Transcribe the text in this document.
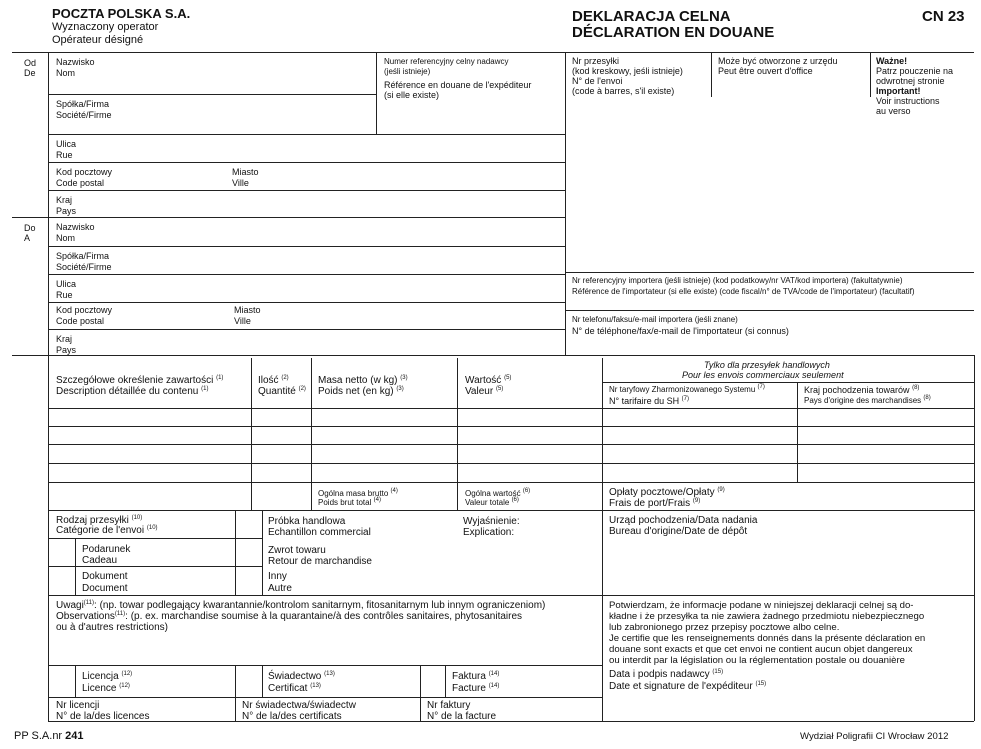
POCZTA POLSKA S.A.
Wyznaczony operator
Opérateur désigné
DEKLARACJA CELNA
DÉCLARATION EN DOUANE
CN 23
Od
De
Nazwisko
Nom
Spółka/Firma
Société/Firme
Numer referencyjny celny nadawcy
(jeśli istnieje)
Référence en douane de l'expéditeur
(si elle existe)
Ulica
Rue
Kod pocztowy
Code postal
Miasto
Ville
Kraj
Pays
Nr przesyłki
(kod kreskowy, jeśli istnieje)
N° de l'envoi
(code à barres, s'il existe)
Może być otworzone z urzędu
Peut être ouvert d'office
Ważne!
Patrz pouczenie na
odwrotnej stronie
Important!
Voir instructions
au verso
Do
A
Nazwisko
Nom
Spółka/Firma
Société/Firme
Ulica
Rue
Kod pocztowy
Code postal
Miasto
Ville
Kraj
Pays
Nr referencyjny importera (jeśli istnieje) (kod podatkowy/nr VAT/kod importera) (fakultatywnie)
Référence de l'importateur (si elle existe) (code fiscal/n° de TVA/code de l'importateur) (facultatif)
Nr telefonu/faksu/e-mail importera (jeśli znane)
N° de téléphone/fax/e-mail de l'importateur (si connus)
Tylko dla przesyłek handlowych
Pour les envois commerciaux seulement
Szczegółowe określenie zawartości $^{(1)}$
Description détaillée du contenu $^{(1)}$
Ilość $^{(2)}$
Quantité $^{(2)}$
Masa netto (w kg) $^{(3)}$
Poids net (en kg) $^{(3)}$
Wartość $^{(5)}$
Valeur $^{(5)}$	Nr taryfowy Zharmonizowanego Systemu $^{(7)}$
N° tarifaire du SH $^{(7)}$
Kraj pochodzenia towarów $^{(8)}$
Pays d'origine des marchandises $^{(8)}$
Ogólna masa brutto $^{(4)}$
Poids brut total $^{(4)}$
Ogólna wartość $^{(6)}$
Valeur totale $^{(6)}$
Opłaty pocztowe/Opłaty $^{(9)}$
Frais de port/Frais $^{(9)}$
Rodzaj przesyłki $^{(10)}$
Catégorie de l'envoi $^{(10)}$
Podarunek
Cadeau
Dokument
Document
Próbka handlowa
Echantillon commercial
Zwrot towaru
Retour de marchandise
Inny
Autre
Wyjaśnienie:
Explication:
Urząd pochodzenia/Data nadania
Bureau d'origine/Date de dépôt
Uwagi$^{(11)}$: (np. towar podlegający kwarantannie/kontrolom sanitarnym, fitosanitarnym lub innym ograniczeniom)
Observations$^{(11)}$: (p. ex. marchandise soumise à la quarantaine/à des contrôles sanitaires, phytosanitaires
ou à d'autres restrictions)
Potwierdzam, że informacje podane w niniejszej deklaracji celnej są do-
kładne i że przesyłka ta nie zawiera żadnego przedmiotu niebezpiecznego
lub zabronionego przez przepisy pocztowe albo celne.
Je certifie que les renseignements donnés dans la présente déclaration en
douane sont exacts et que cet envoi ne contient aucun objet dangereux
ou interdit par la législation ou la réglementation postale ou douanière
Data i podpis nadawcy $^{(15)}$
Date et signature de l'expéditeur $^{(15)}$
Licencja $^{(12)}$
Licence $^{(12)}$
Świadectwo $^{(13)}$
Certificat $^{(13)}$
Faktura $^{(14)}$
Facture $^{(14)}$
Nr licencji
N° de la/des licences
Nr świadectwa/świadectw
N° de la/des certificats
Nr faktury
N° de la facture
PP S.A.nr 241	Wydział Poligrafii CI Wrocław 2012
